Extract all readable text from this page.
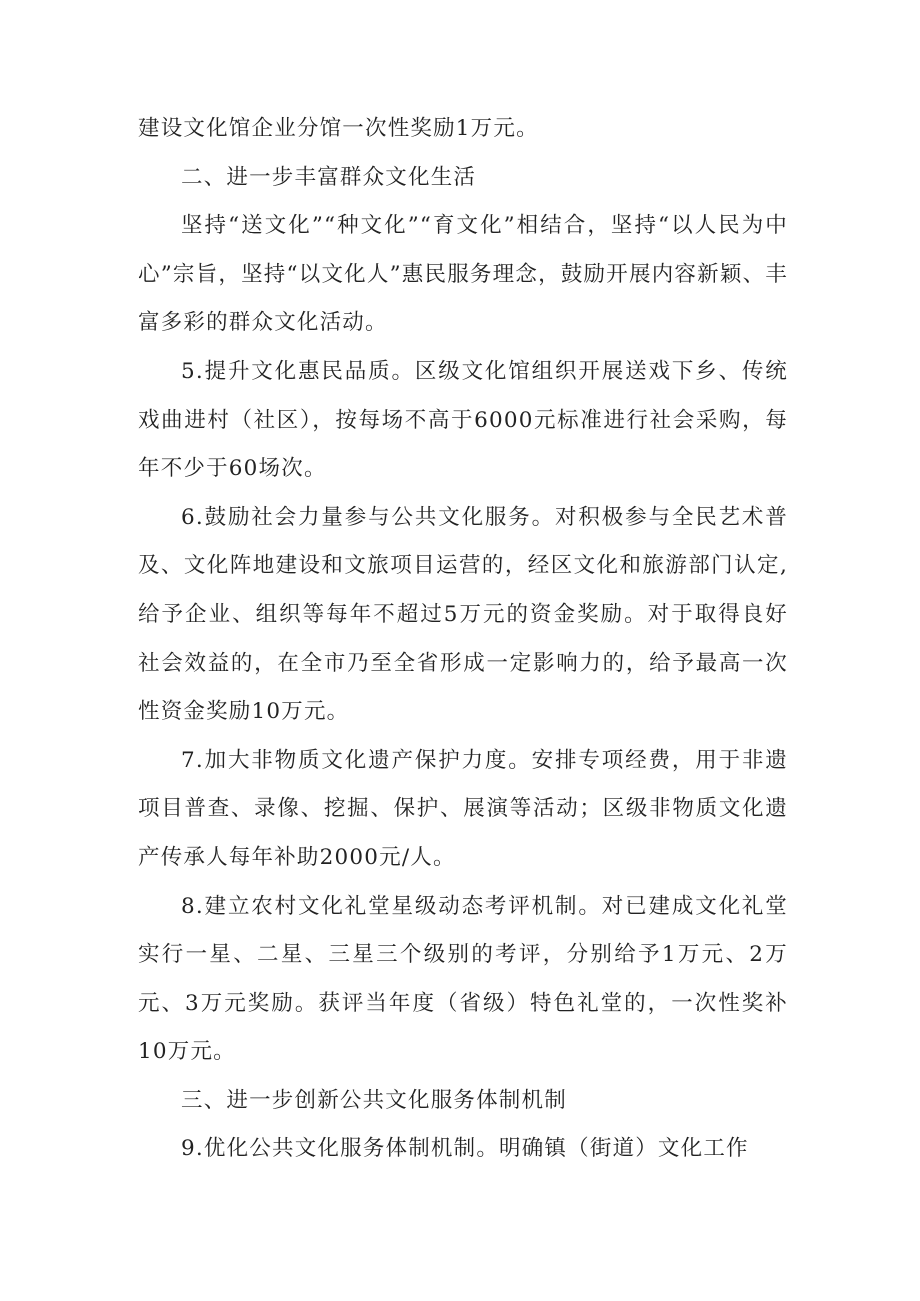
建设文化馆企业分馆一次性奖励1万元。

二、进一步丰富群众文化生活

坚持“送文化”“种文化”“育文化”相结合，坚持“以人民为中心”宗旨，坚持“以文化人”惠民服务理念，鼓励开展内容新颖、丰富多彩的群众文化活动。

5.提升文化惠民品质。区级文化馆组织开展送戏下乡、传统戏曲进村（社区），按每场不高于6000元标准进行社会采购，每年不少于60场次。

6.鼓励社会力量参与公共文化服务。对积极参与全民艺术普及、文化阵地建设和文旅项目运营的，经区文化和旅游部门认定,给予企业、组织等每年不超过5万元的资金奖励。对于取得良好社会效益的，在全市乃至全省形成一定影响力的，给予最高一次性资金奖励10万元。

7.加大非物质文化遗产保护力度。安排专项经费，用于非遗项目普查、录像、挖掘、保护、展演等活动；区级非物质文化遗产传承人每年补助2000元/人。

8.建立农村文化礼堂星级动态考评机制。对已建成文化礼堂实行一星、二星、三星三个级别的考评，分别给予1万元、2万元、3万元奖励。获评当年度（省级）特色礼堂的，一次性奖补10万元。

三、进一步创新公共文化服务体制机制

9.优化公共文化服务体制机制。明确镇（街道）文化工作
